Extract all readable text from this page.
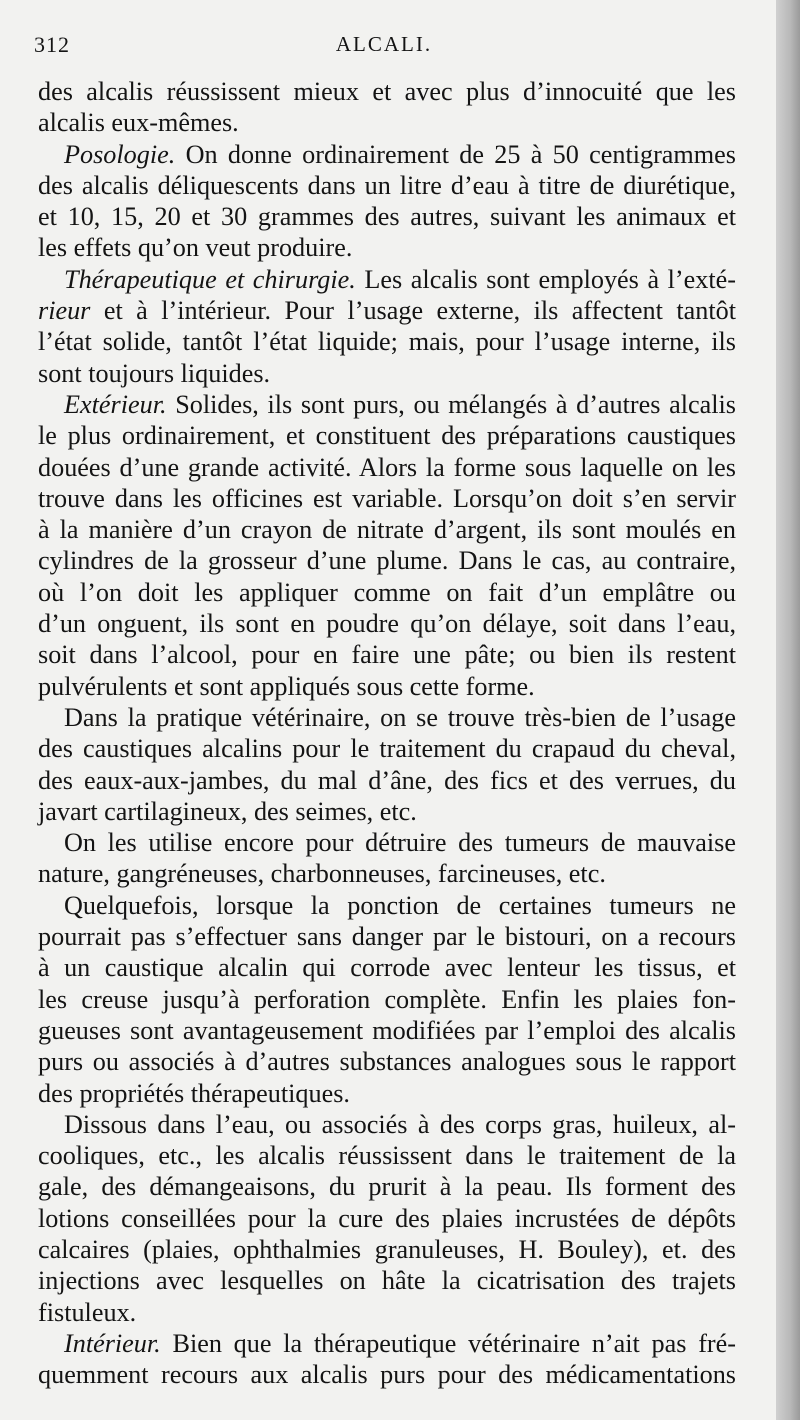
312	ALCALI.
des alcalis réussissent mieux et avec plus d’innocuité que les
alcalis eux-mêmes.
Posologie. On donne ordinairement de 25 à 50 centigrammes
des alcalis déliquescents dans un litre d’eau à titre de diurétique,
et 10, 15, 20 et 30 grammes des autres, suivant les animaux et
les effets qu’on veut produire.
Thérapeutique et chirurgie. Les alcalis sont employés à l’exté-
rieur et à l’intérieur. Pour l’usage externe, ils affectent tantôt
l’état solide, tantôt l’état liquide; mais, pour l’usage interne, ils
sont toujours liquides.
Extérieur. Solides, ils sont purs, ou mélangés à d’autres alcalis
le plus ordinairement, et constituent des préparations caustiques
douées d’une grande activité. Alors la forme sous laquelle on les
trouve dans les officines est variable. Lorsqu’on doit s’en servir
à la manière d’un crayon de nitrate d’argent, ils sont moulés en
cylindres de la grosseur d’une plume. Dans le cas, au contraire,
où l’on doit les appliquer comme on fait d’un emplâtre ou
d’un onguent, ils sont en poudre qu’on délaye, soit dans l’eau,
soit dans l’alcool, pour en faire une pâte; ou bien ils restent
pulvérulents et sont appliqués sous cette forme.
Dans la pratique vétérinaire, on se trouve très-bien de l’usage
des caustiques alcalins pour le traitement du crapaud du cheval,
des eaux-aux-jambes, du mal d’âne, des fics et des verrues, du
javart cartilagineux, des seimes, etc.
On les utilise encore pour détruire des tumeurs de mauvaise
nature, gangréneuses, charbonneuses, farcineuses, etc.
Quelquefois, lorsque la ponction de certaines tumeurs ne
pourrait pas s’effectuer sans danger par le bistouri, on a recours
à un caustique alcalin qui corrode avec lenteur les tissus, et
les creuse jusqu’à perforation complète. Enfin les plaies fon-
gueuses sont avantageusement modifiées par l’emploi des alcalis
purs ou associés à d’autres substances analogues sous le rapport
des propriétés thérapeutiques.
Dissous dans l’eau, ou associés à des corps gras, huileux, al-
cooliques, etc., les alcalis réussissent dans le traitement de la
gale, des démangeaisons, du prurit à la peau. Ils forment des
lotions conseillées pour la cure des plaies incrustées de dépôts
calcaires (plaies, ophthalmies granuleuses, H. Bouley), et. des
injections avec lesquelles on hâte la cicatrisation des trajets
fistuleux.
Intérieur. Bien que la thérapeutique vétérinaire n’ait pas fré-
quemment recours aux alcalis purs pour des médicamentations
